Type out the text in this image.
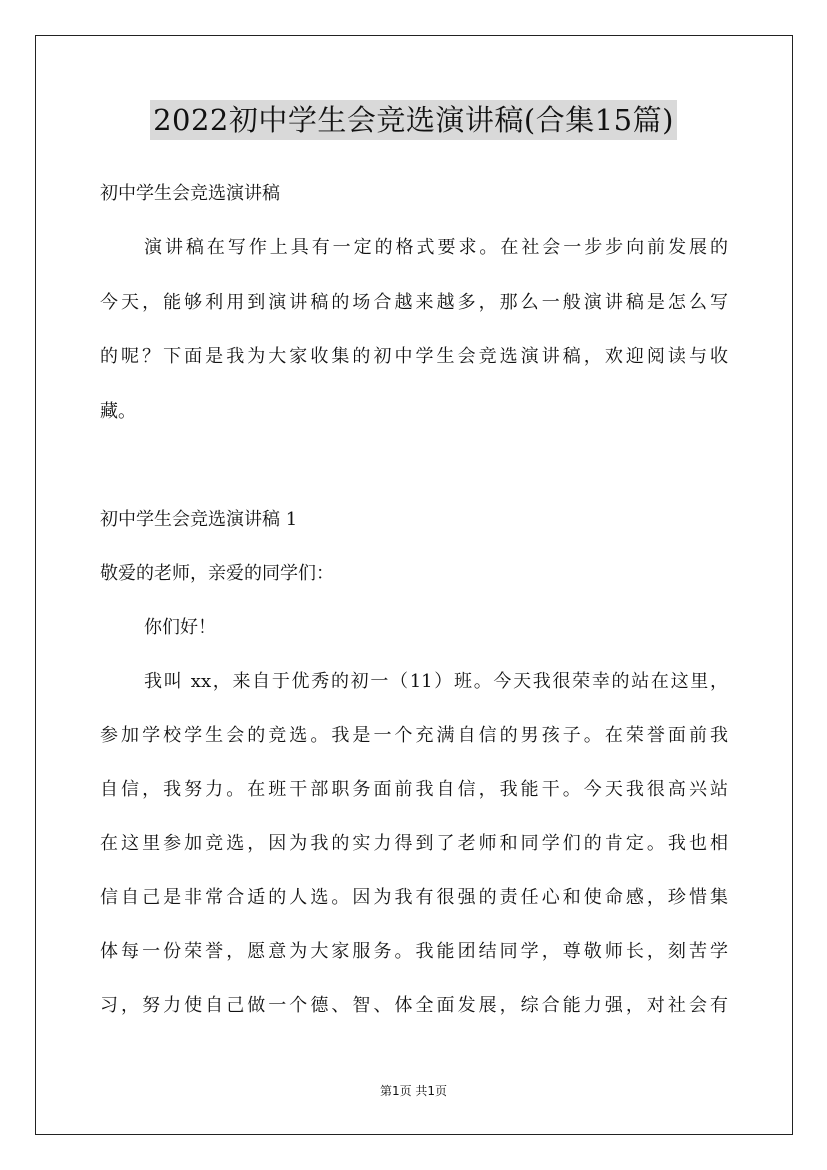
2022初中学生会竞选演讲稿(合集15篇)
初中学生会竞选演讲稿
演讲稿在写作上具有一定的格式要求。在社会一步步向前发展的
今天，能够利用到演讲稿的场合越来越多，那么一般演讲稿是怎么写
的呢？下面是我为大家收集的初中学生会竞选演讲稿，欢迎阅读与收
藏。
初中学生会竞选演讲稿 1
敬爱的老师，亲爱的同学们：
你们好！
我叫 xx，来自于优秀的初一（11）班。今天我很荣幸的站在这里，
参加学校学生会的竞选。我是一个充满自信的男孩子。在荣誉面前我
自信，我努力。在班干部职务面前我自信，我能干。今天我很高兴站
在这里参加竞选，因为我的实力得到了老师和同学们的肯定。我也相
信自己是非常合适的人选。因为我有很强的责任心和使命感，珍惜集
体每一份荣誉，愿意为大家服务。我能团结同学，尊敬师长，刻苦学
习，努力使自己做一个德、智、体全面发展，综合能力强，对社会有
第1页 共1页
